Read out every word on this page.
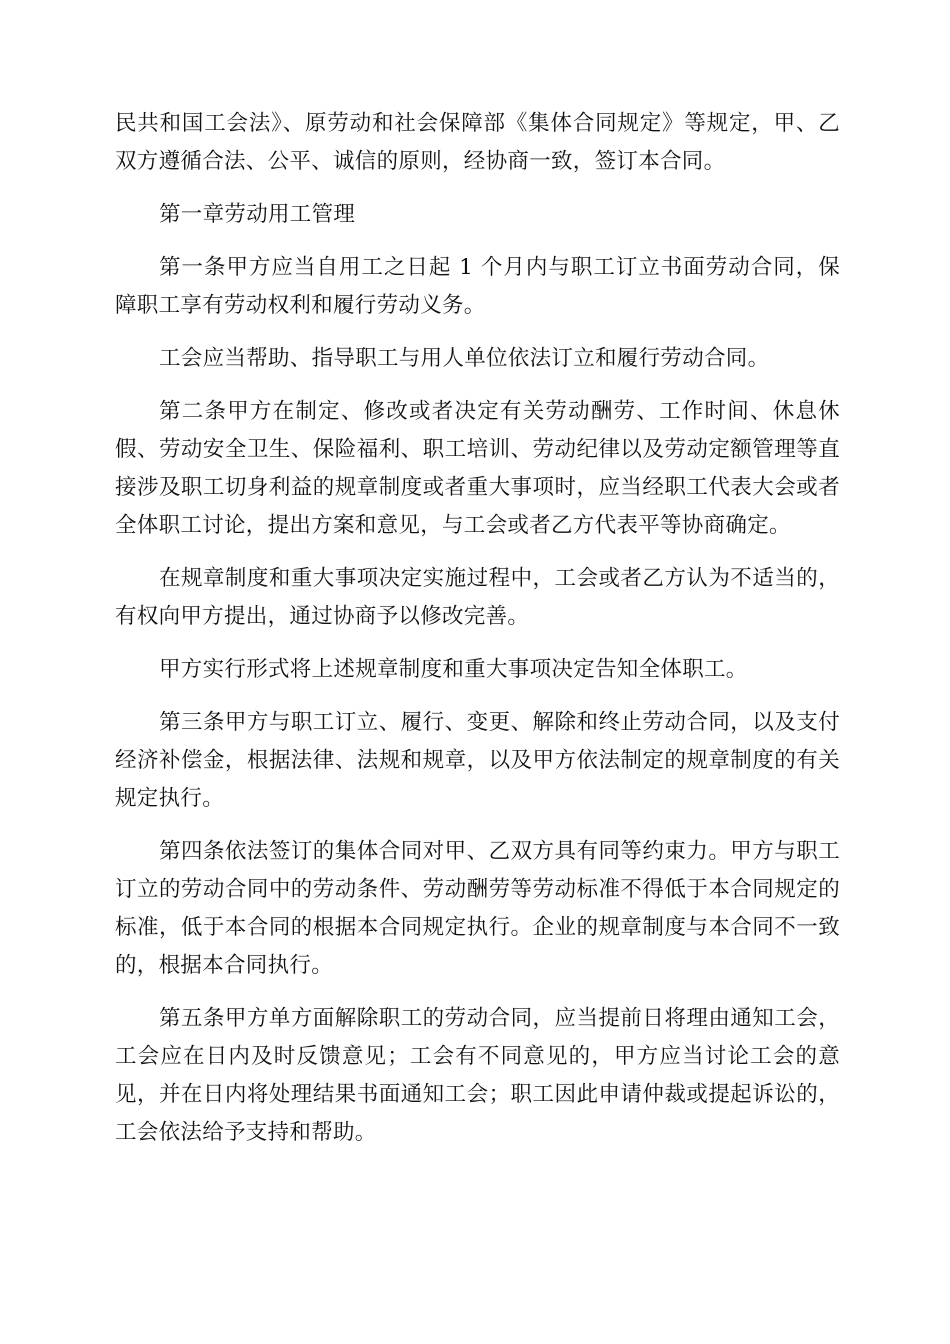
民共和国工会法》、原劳动和社会保障部《集体合同规定》等规定，甲、乙双方遵循合法、公平、诚信的原则，经协商一致，签订本合同。

第一章劳动用工管理

第一条甲方应当自用工之日起 1 个月内与职工订立书面劳动合同，保障职工享有劳动权利和履行劳动义务。

工会应当帮助、指导职工与用人单位依法订立和履行劳动合同。

第二条甲方在制定、修改或者决定有关劳动酬劳、工作时间、休息休假、劳动安全卫生、保险福利、职工培训、劳动纪律以及劳动定额管理等直接涉及职工切身利益的规章制度或者重大事项时，应当经职工代表大会或者全体职工讨论，提出方案和意见，与工会或者乙方代表平等协商确定。

在规章制度和重大事项决定实施过程中，工会或者乙方认为不适当的，有权向甲方提出，通过协商予以修改完善。

甲方实行形式将上述规章制度和重大事项决定告知全体职工。

第三条甲方与职工订立、履行、变更、解除和终止劳动合同，以及支付经济补偿金，根据法律、法规和规章，以及甲方依法制定的规章制度的有关规定执行。

第四条依法签订的集体合同对甲、乙双方具有同等约束力。甲方与职工订立的劳动合同中的劳动条件、劳动酬劳等劳动标准不得低于本合同规定的标准，低于本合同的根据本合同规定执行。企业的规章制度与本合同不一致的，根据本合同执行。

第五条甲方单方面解除职工的劳动合同，应当提前日将理由通知工会，工会应在日内及时反馈意见；工会有不同意见的，甲方应当讨论工会的意见，并在日内将处理结果书面通知工会；职工因此申请仲裁或提起诉讼的，工会依法给予支持和帮助。
